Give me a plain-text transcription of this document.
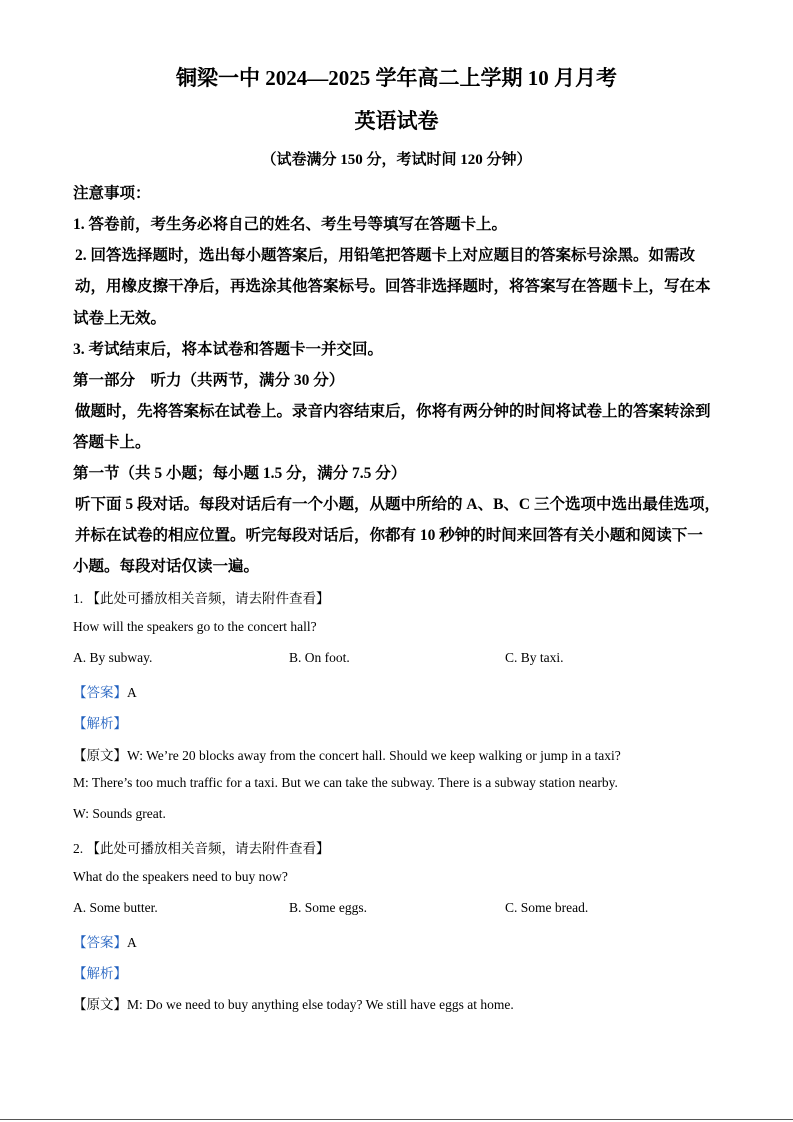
铜梁一中 2024—2025 学年高二上学期 10 月月考
英语试卷
（试卷满分 150 分，考试时间 120 分钟）
注意事项：
1. 答卷前，考生务必将自己的姓名、考生号等填写在答题卡上。
2. 回答选择题时，选出每小题答案后，用铅笔把答题卡上对应题目的答案标号涂黑。如需改
动，用橡皮擦干净后，再选涂其他答案标号。回答非选择题时，将答案写在答题卡上，写在本
试卷上无效。
3. 考试结束后，将本试卷和答题卡一并交回。
第一部分　听力（共两节，满分 30 分）
做题时，先将答案标在试卷上。录音内容结束后，你将有两分钟的时间将试卷上的答案转涂到
答题卡上。
第一节（共 5 小题；每小题 1.5 分，满分 7.5 分）
听下面 5 段对话。每段对话后有一个小题，从题中所给的 A、B、C 三个选项中选出最佳选项，
并标在试卷的相应位置。听完每段对话后，你都有 10 秒钟的时间来回答有关小题和阅读下一
小题。每段对话仅读一遍。
1. 【此处可播放相关音频，请去附件查看】
How will the speakers go to the concert hall?
A. By subway.	B. On foot.	C. By taxi.
【答案】A
【解析】
【原文】W: We’re 20 blocks away from the concert hall. Should we keep walking or jump in a taxi?
M: There’s too much traffic for a taxi. But we can take the subway. There is a subway station nearby.
W: Sounds great.
2. 【此处可播放相关音频，请去附件查看】
What do the speakers need to buy now?
A. Some butter.	B. Some eggs.	C. Some bread.
【答案】A
【解析】
【原文】M: Do we need to buy anything else today? We still have eggs at home.
